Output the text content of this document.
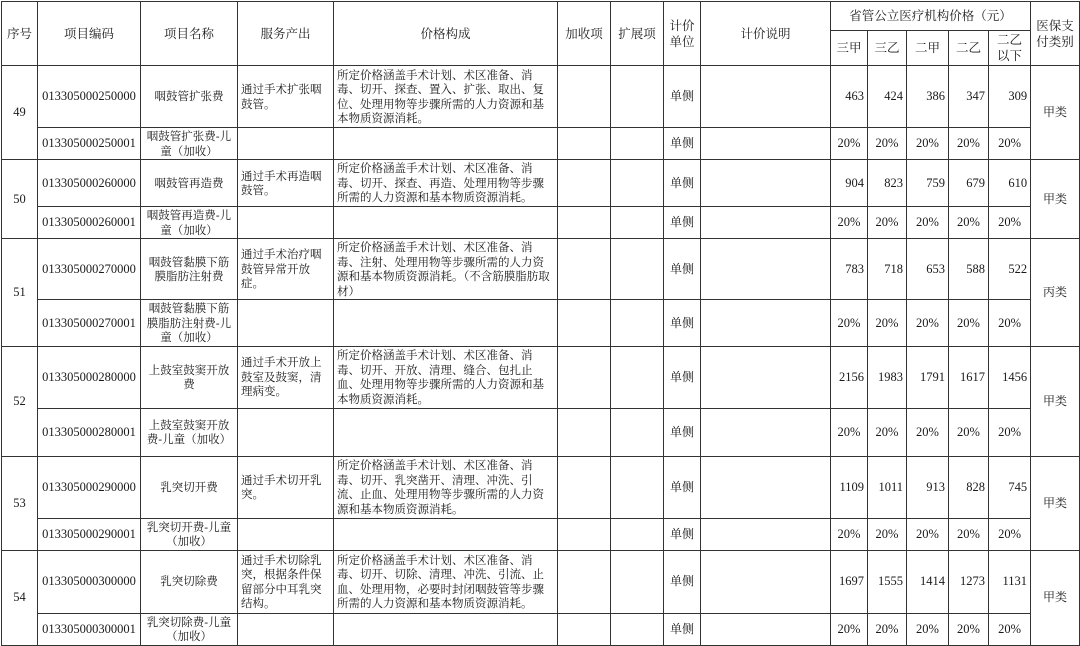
序号	项目编码	项目名称	服务产出	价格构成	加收项	扩展项	计价单位	计价说明	省管公立医疗机构价格（元）					医保支付类别
									三甲	三乙	二甲	二乙	二乙以下	
49	013305000250000	咽鼓管扩张费	通过手术扩张咽鼓管。	所定价格涵盖手术计划、术区准备、消毒、切开、探查、置入、扩张、取出、复位、处理用物等步骤所需的人力资源和基本物质资源消耗。			单侧		463	424	386	347	309	甲类
	013305000250001	咽鼓管扩张费-儿童（加收）					单侧		20%	20%	20%	20%	20%	
50	013305000260000	咽鼓管再造费	通过手术再造咽鼓管。	所定价格涵盖手术计划、术区准备、消毒、切开、探查、再造、处理用物等步骤所需的人力资源和基本物质资源消耗。			单侧		904	823	759	679	610	甲类
	013305000260001	咽鼓管再造费-儿童（加收）					单侧		20%	20%	20%	20%	20%	
51	013305000270000	咽鼓管黏膜下筋膜脂肪注射费	通过手术治疗咽鼓管异常开放症。	所定价格涵盖手术计划、术区准备、消毒、注射、处理用物等步骤所需的人力资源和基本物质资源消耗。（不含筋膜脂肪取材）			单侧		783	718	653	588	522	丙类
	013305000270001	咽鼓管黏膜下筋膜脂肪注射费-儿童（加收）					单侧		20%	20%	20%	20%	20%	
52	013305000280000	上鼓室鼓窦开放费	通过手术开放上鼓室及鼓窦，清理病变。	所定价格涵盖手术计划、术区准备、消毒、切开、开放、清理、缝合、包扎止血、处理用物等步骤所需的人力资源和基本物质资源消耗。			单侧		2156	1983	1791	1617	1456	甲类
	013305000280001	上鼓室鼓窦开放费-儿童（加收）					单侧		20%	20%	20%	20%	20%	
53	013305000290000	乳突切开费	通过手术切开乳突。	所定价格涵盖手术计划、术区准备、消毒、切开、乳突凿开、清理、冲洗、引流、止血、处理用物等步骤所需的人力资源和基本物质资源消耗。			单侧		1109	1011	913	828	745	甲类
	013305000290001	乳突切开费-儿童（加收）					单侧		20%	20%	20%	20%	20%	
54	013305000300000	乳突切除费	通过手术切除乳突，根据条件保留部分中耳乳突结构。	所定价格涵盖手术计划、术区准备、消毒、切开、切除、清理、冲洗、引流、止血、处理用物，必要时封闭咽鼓管等步骤所需的人力资源和基本物质资源消耗。			单侧		1697	1555	1414	1273	1131	甲类
	013305000300001	乳突切除费-儿童（加收）					单侧		20%	20%	20%	20%	20%	
